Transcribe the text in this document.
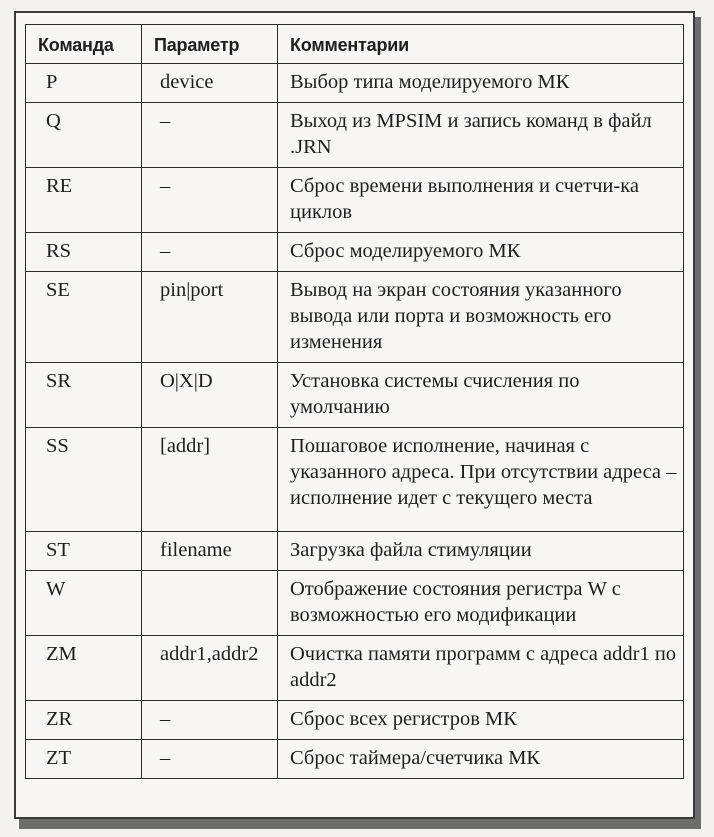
Команда	Параметр	Комментарии
P	device	Выбор типа моделируемого МК
Q	–	Выход из MPSIM и запись команд в файл .JRN
RE	–	Сброс времени выполнения и счетчи-ка циклов
RS	–	Сброс моделируемого МК
SE	pin|port	Вывод на экран состояния указанного вывода или порта и возможность его изменения
SR	O|X|D	Установка системы счисления по умолчанию
SS	[addr]	Пошаговое исполнение, начиная с указанного адреса. При отсутствии адреса – исполнение идет с текущего места
ST	filename	Загрузка файла стимуляции
W		Отображение состояния регистра W с возможностью его модификации
ZM	addr1,addr2	Очистка памяти программ с адреса addr1 по addr2
ZR	–	Сброс всех регистров МК
ZT	–	Сброс таймера/счетчика МК
